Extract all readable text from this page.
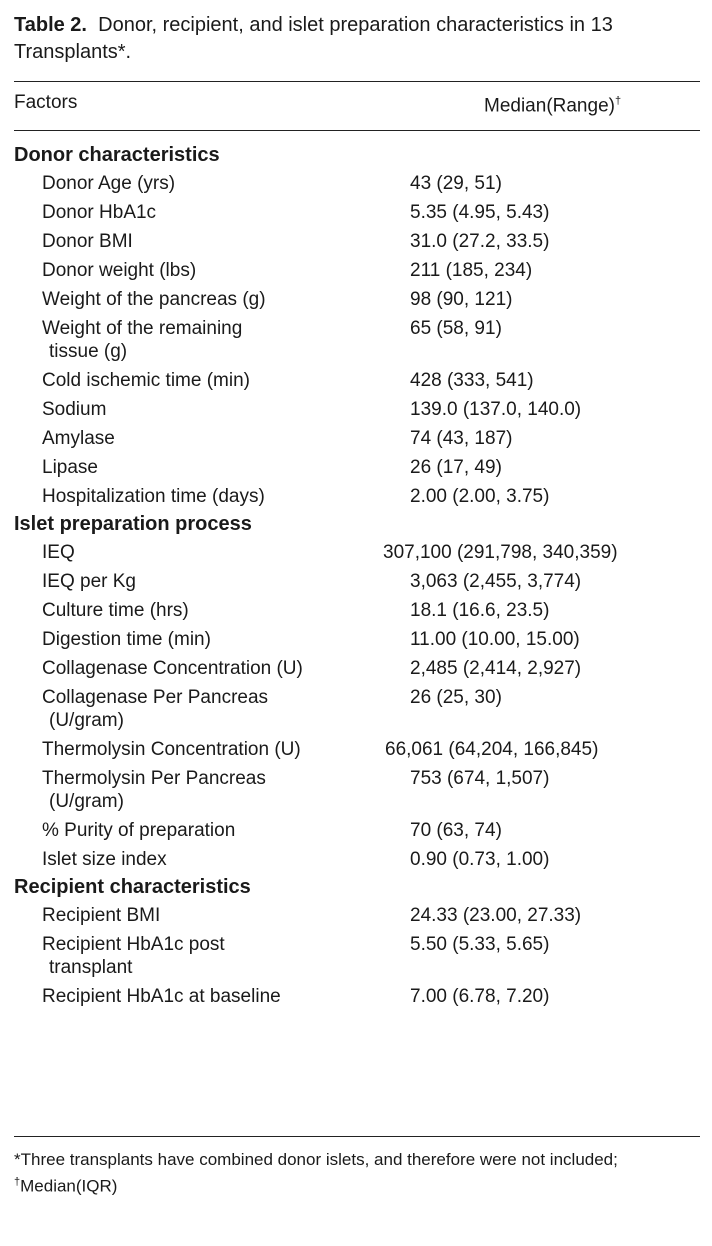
Table 2. Donor, recipient, and islet preparation characteristics in 13 Transplants*.
Factors	Median(Range)†
Donor characteristics
Donor Age (yrs)	43 (29, 51)
Donor HbA1c	5.35 (4.95, 5.43)
Donor BMI	31.0 (27.2, 33.5)
Donor weight (lbs)	211 (185, 234)
Weight of the pancreas (g)	98 (90, 121)
Weight of the remaining
tissue (g)
65 (58, 91)
Cold ischemic time (min)	428 (333, 541)
Sodium	139.0 (137.0, 140.0)
Amylase	74 (43, 187)
Lipase	26 (17, 49)
Hospitalization time (days)	2.00 (2.00, 3.75)
Islet preparation process
IEQ	307,100 (291,798, 340,359)
IEQ per Kg	3,063 (2,455, 3,774)
Culture time (hrs)	18.1 (16.6, 23.5)
Digestion time (min)	11.00 (10.00, 15.00)
Collagenase Concentration (U)	2,485 (2,414, 2,927)
Collagenase Per Pancreas
(U/gram)
26 (25, 30)
Thermolysin Concentration (U)	66,061 (64,204, 166,845)
Thermolysin Per Pancreas
(U/gram)
753 (674, 1,507)
% Purity of preparation	70 (63, 74)
Islet size index	0.90 (0.73, 1.00)
Recipient characteristics
Recipient BMI	24.33 (23.00, 27.33)
Recipient HbA1c post
transplant
5.50 (5.33, 5.65)
Recipient HbA1c at baseline	7.00 (6.78, 7.20)
*Three transplants have combined donor islets, and therefore were not included;
†Median(IQR)
